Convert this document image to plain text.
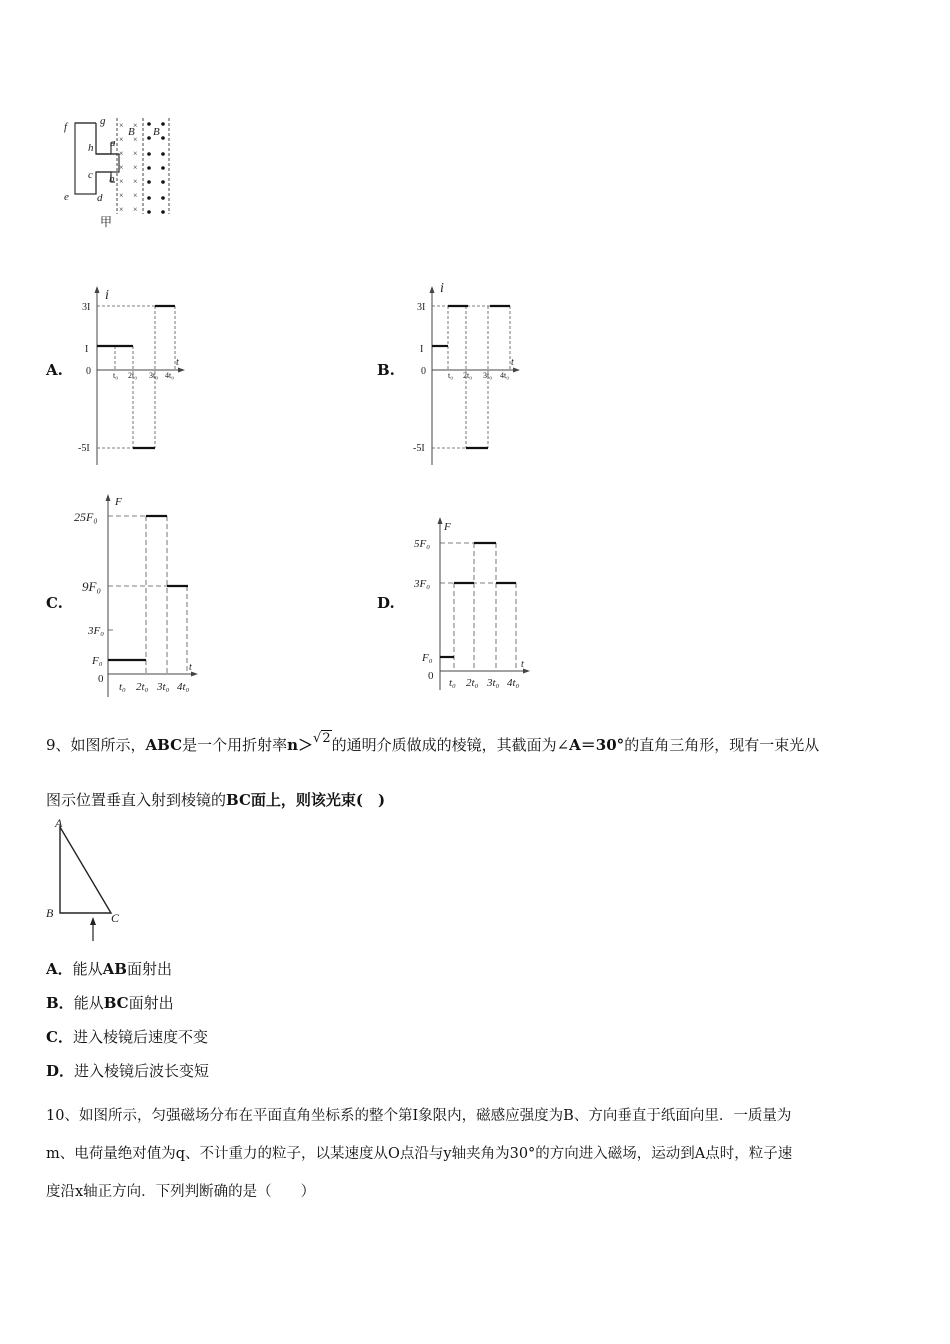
× ×
× ×
× ×
× ×
× ×
× ×
× ×
f	g
h a
c b
e	d
B B
甲
A.
i
t
3I
I
0
-5I
t₀ 2t₀ 3t₀ 4t₀	B.
i
t
3I
I
0
-5I
t₀ 2t₀ 3t₀ 4t₀
C.
F
t
25F₀
9F₀
3F₀
F₀
0
t₀ 2t₀ 3t₀ 4t₀
D.
F
t
5F₀
3F₀
F₀
0
t₀ 2t₀ 3t₀ 4t₀
9、如图所示，ABC是一个用折射率n＞√2的通明介质做成的棱镜，其截面为∠A＝30°的直角三角形，现有一束光从
图示位置垂直入射到棱镜的BC面上，则该光束(　)
A
B	C
A．能从AB面射出
B．能从BC面射出
C．进入棱镜后速度不变
D．进入棱镜后波长变短
10、如图所示，匀强磁场分布在平面直角坐标系的整个第Ⅰ象限内，磁感应强度为B、方向垂直于纸面向里．一质量为
m、电荷量绝对值为q、不计重力的粒子，以某速度从O点沿与y轴夹角为30°的方向进入磁场，运动到A点时，粒子速
度沿x轴正方向．下列判断确的是（　　）
